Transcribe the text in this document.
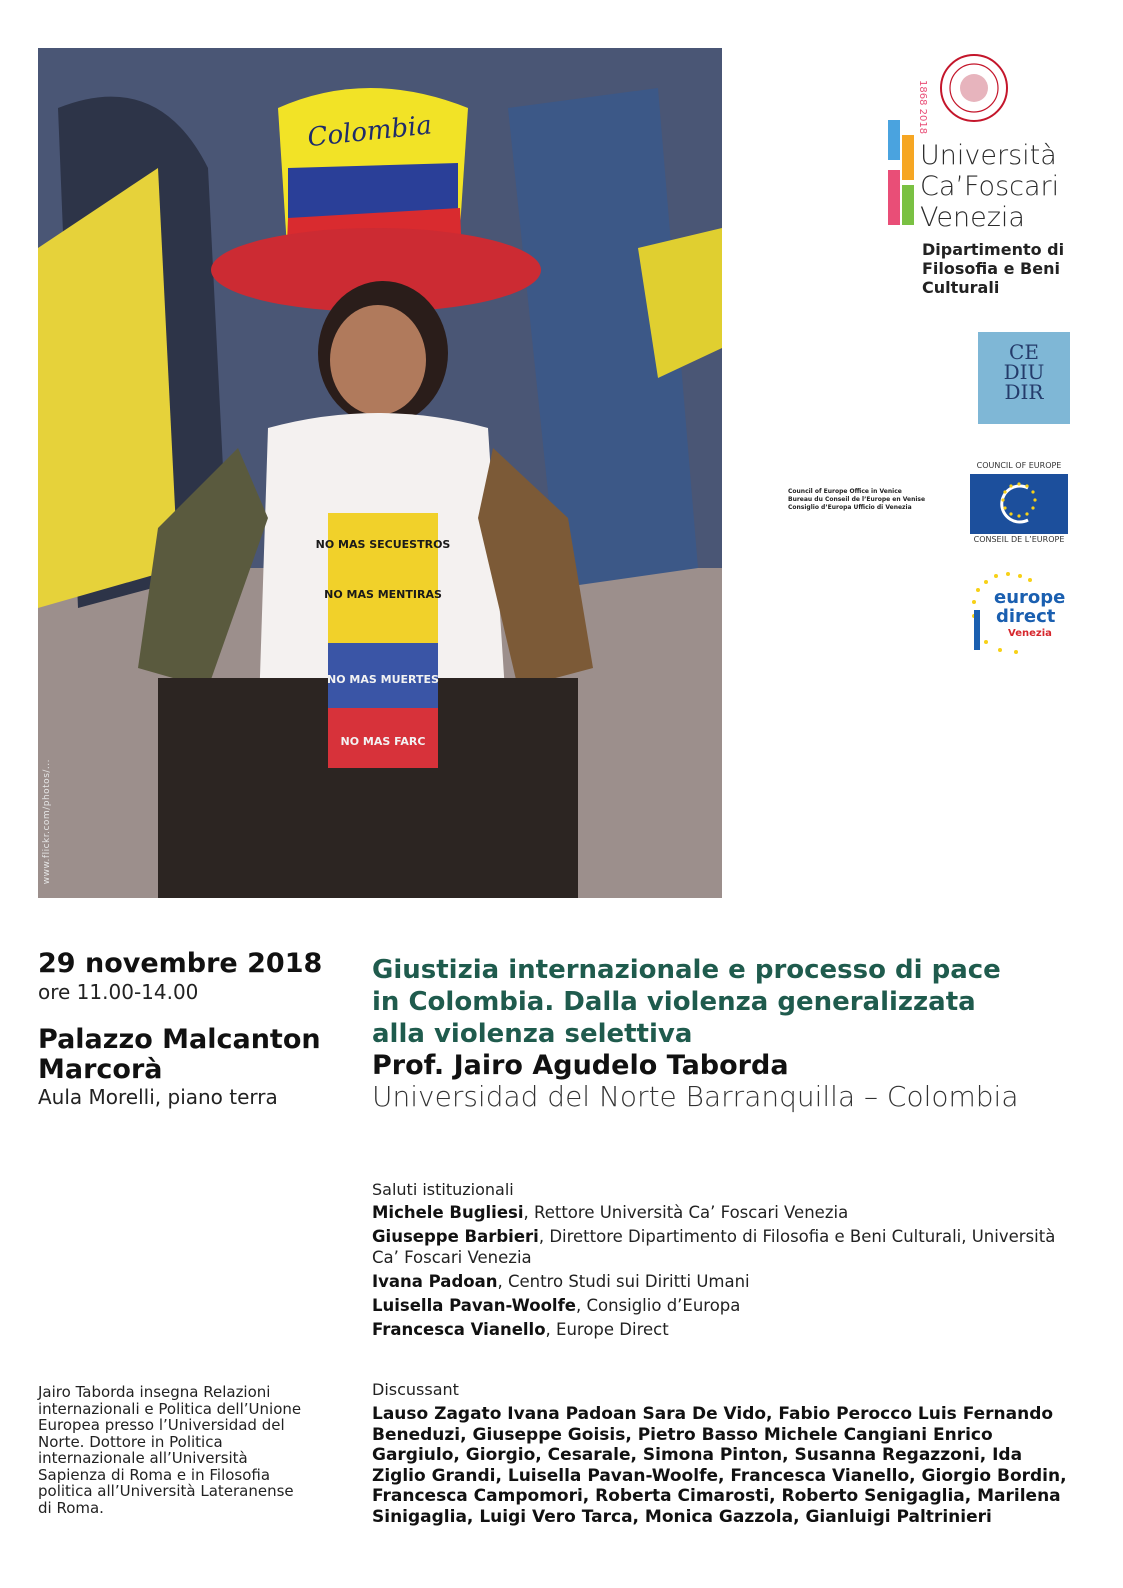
Colombia
NO MAS SECUESTROS
NO MAS MENTIRAS
NO MAS MUERTES
NO MAS FARC
www.flickr.com/photos/...
1868 2018
Università
Ca’Foscari
Venezia
Dipartimento di
Filosofia e Beni
Culturali
CE
DIU
DIR
Council of Europe Office in Venice
Bureau du Conseil de l’Europe en Venise
Consiglio d’Europa Ufficio di Venezia
COUNCIL OF EUROPE
CONSEIL DE L’EUROPE
europe
direct
Venezia
29 novembre 2018
ore 11.00-14.00
Palazzo Malcanton Marcorà
Aula Morelli, piano terra
Jairo Taborda insegna Relazioni internazionali e Politica dell’Unione Europea presso l’Universidad del Norte. Dottore in Politica internazionale all’Università Sapienza di Roma e in Filosofia politica all’Università Lateranense di Roma.
Giustizia internazionale e processo di pace in Colombia. Dalla violenza generalizzata alla violenza selettiva
Prof. Jairo Agudelo Taborda
Universidad del Norte Barranquilla – Colombia
Saluti istituzionali
Michele Bugliesi, Rettore Università Ca’ Foscari Venezia
Giuseppe Barbieri, Direttore Dipartimento di Filosofia e Beni Culturali, Università Ca’ Foscari Venezia
Ivana Padoan, Centro Studi sui Diritti Umani
Luisella Pavan-Woolfe, Consiglio d’Europa
Francesca Vianello, Europe Direct
Discussant
Lauso Zagato Ivana Padoan Sara De Vido, Fabio Perocco Luis Fernando Beneduzi, Giuseppe Goisis, Pietro Basso Michele Cangiani Enrico Gargiulo, Giorgio, Cesarale, Simona Pinton, Susanna Regazzoni, Ida Ziglio Grandi, Luisella Pavan-Woolfe, Francesca Vianello, Giorgio Bordin, Francesca Campomori, Roberta Cimarosti, Roberto Senigaglia, Marilena Sinigaglia, Luigi Vero Tarca, Monica Gazzola, Gianluigi Paltrinieri
